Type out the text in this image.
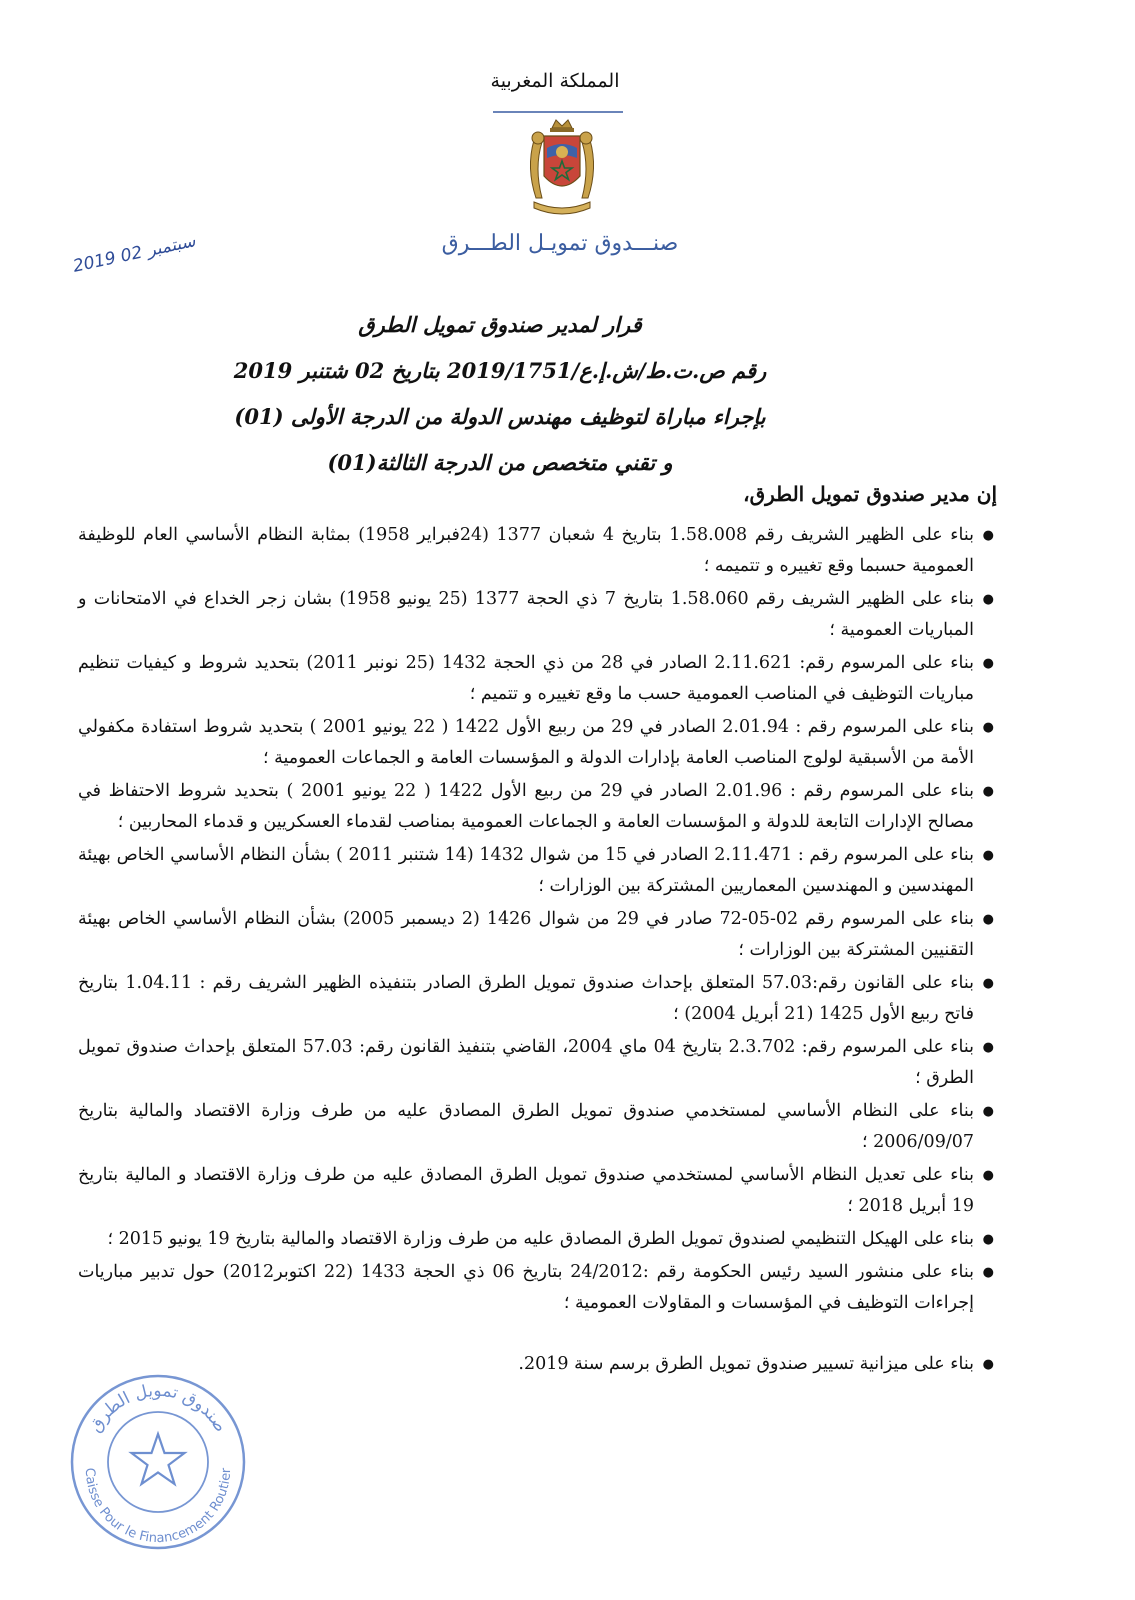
المملكة المغربية
صنـــدوق تمويـل الطـــرق
2019 02 سبتمبر
قرار لمدير صندوق تمويل الطرق
رقم ص.ت.ط/ش.إ.ع/2019/1751 بتاريخ 02 شتنبر 2019
بإجراء مباراة لتوظيف مهندس الدولة من الدرجة الأولى (01)
و تقني متخصص من الدرجة الثالثة(01)
إن مدير صندوق تمويل الطرق،
● بناء على الظهير الشريف رقم 1.58.008 بتاريخ 4 شعبان 1377 (24فبراير 1958) بمثابة النظام الأساسي العام للوظيفة العمومية حسبما وقع تغييره و تتميمه ؛
● بناء على الظهير الشريف رقم 1.58.060 بتاريخ 7 ذي الحجة 1377 (25 يونيو 1958) بشان زجر الخداع في الامتحانات و المباريات العمومية ؛
● بناء على المرسوم رقم: 2.11.621 الصادر في 28 من ذي الحجة 1432 (25 نونبر 2011) بتحديد شروط و كيفيات تنظيم مباريات التوظيف في المناصب العمومية حسب ما وقع تغييره و تتميم ؛
● بناء على المرسوم رقم : 2.01.94 الصادر في 29 من ربيع الأول 1422 ( 22 يونيو 2001 ) بتحديد شروط استفادة مكفولي الأمة من الأسبقية لولوج المناصب العامة بإدارات الدولة و المؤسسات العامة و الجماعات العمومية ؛
● بناء على المرسوم رقم : 2.01.96 الصادر في 29 من ربيع الأول 1422 ( 22 يونيو 2001 ) بتحديد شروط الاحتفاظ في مصالح الإدارات التابعة للدولة و المؤسسات العامة و الجماعات العمومية بمناصب لقدماء العسكريين و قدماء المحاربين ؛
● بناء على المرسوم رقم : 2.11.471 الصادر في 15 من شوال 1432 (14 شتنبر 2011 ) بشأن النظام الأساسي الخاص بهيئة المهندسين و المهندسين المعماريين المشتركة بين الوزارات ؛
● بناء على المرسوم رقم 02-05-72 صادر في 29 من شوال 1426 (2 ديسمبر 2005) بشأن النظام الأساسي الخاص بهيئة التقنيين المشتركة بين الوزارات ؛
● بناء على القانون رقم:57.03 المتعلق بإحداث صندوق تمويل الطرق الصادر بتنفيذه الظهير الشريف رقم : 1.04.11 بتاريخ فاتح ربيع الأول 1425 (21 أبريل 2004) ؛
● بناء على المرسوم رقم: 2.3.702 بتاريخ 04 ماي 2004، القاضي بتنفيذ القانون رقم: 57.03 المتعلق بإحداث صندوق تمويل الطرق ؛
● بناء على النظام الأساسي لمستخدمي صندوق تمويل الطرق المصادق عليه من طرف وزارة الاقتصاد والمالية بتاريخ 2006/09/07 ؛
● بناء على تعديل النظام الأساسي لمستخدمي صندوق تمويل الطرق المصادق عليه من طرف وزارة الاقتصاد و المالية بتاريخ 19 أبريل 2018 ؛
● بناء على الهيكل التنظيمي لصندوق تمويل الطرق المصادق عليه من طرف وزارة الاقتصاد والمالية بتاريخ 19 يونيو 2015 ؛
● بناء على منشور السيد رئيس الحكومة رقم :24/2012 بتاريخ 06 ذي الحجة 1433 (22 اكتوبر2012) حول تدبير مباريات إجراءات التوظيف في المؤسسات و المقاولات العمومية ؛
● بناء على ميزانية تسيير صندوق تمويل الطرق برسم سنة 2019.
صندوق تمويل الطرق
Caisse Pour le Financement Routier
